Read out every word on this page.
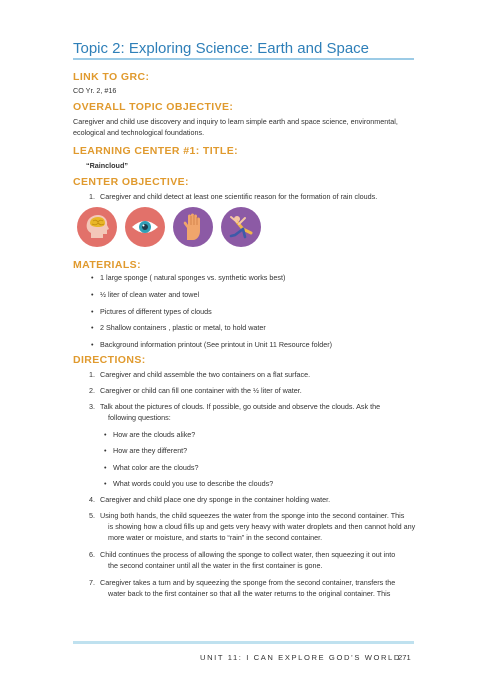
Topic 2: Exploring Science: Earth and Space
LINK TO GRC:
CO Yr. 2, #16
OVERALL TOPIC OBJECTIVE:
Caregiver and child use discovery and inquiry to learn simple earth and space science, environmental,
ecological and technological foundations.
LEARNING CENTER #1: TITLE:
“Raincloud”
CENTER OBJECTIVE:
1. Caregiver and child detect at least one scientific reason for the formation of rain clouds.
MATERIALS:
• 1 large sponge ( natural sponges vs. synthetic works best)
• ½ liter of clean water and towel
• Pictures of different types of clouds
• 2 Shallow containers , plastic or metal, to hold water
• Background information printout (See printout in Unit 11 Resource folder)
DIRECTIONS:
1. Caregiver and child assemble the two containers on a flat surface.
2. Caregiver or child can fill one container with the ½ liter of water.
3. Talk about the pictures of clouds. If possible, go outside and observe the clouds. Ask the
following questions:
• How are the clouds alike?
• How are they different?
• What color are the clouds?
• What words could you use to describe the clouds?
4. Caregiver and child place one dry sponge in the container holding water.
5. Using both hands, the child squeezes the water from the sponge into the second container. This
is showing how a cloud fills up and gets very heavy with water droplets and then cannot hold any
more water or moisture, and starts to “rain” in the second container.
6. Child continues the process of allowing the sponge to collect water, then squeezing it out into
the second container until all the water in the first container is gone.
7. Caregiver takes a turn and by squeezing the sponge from the second container, transfers the
water back to the first container so that all the water returns to the original container. This
UNIT 11: I CAN EXPLORE GOD’S WORLD
271
